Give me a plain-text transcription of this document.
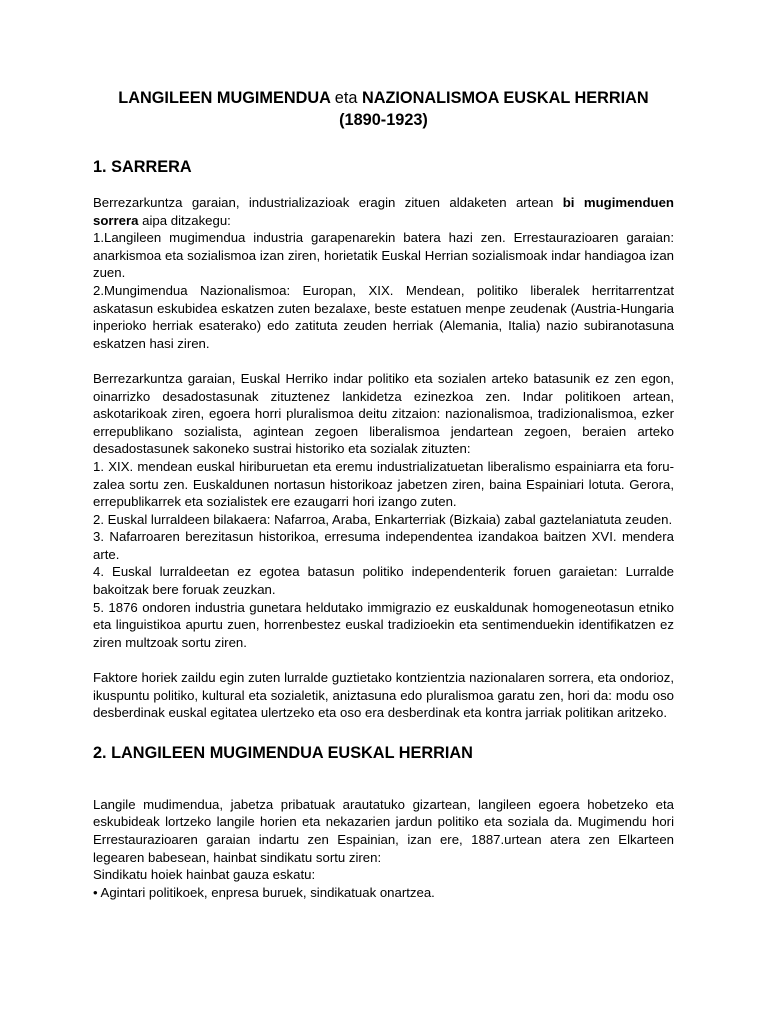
LANGILEEN MUGIMENDUA eta NAZIONALISMOA EUSKAL HERRIAN (1890-1923)
1. SARRERA

Berrezarkuntza garaian, industrializazioak eragin zituen aldaketen artean bi mugimenduen sorrera aipa ditzakegu:

1.Langileen mugimendua industria garapenarekin batera hazi zen. Errestaurazioaren garaian: anarkismoa eta sozialismoa izan ziren, horietatik Euskal Herrian sozialismoak indar handiagoa izan zuen.

2.Mungimendua Nazionalismoa: Europan, XIX. Mendean, politiko liberalek herritarrentzat askatasun eskubidea eskatzen zuten bezalaxe, beste estatuen menpe zeudenak (Austria-Hungaria inperioko herriak esaterako) edo zatituta zeuden herriak (Alemania, Italia) nazio subiranotasuna eskatzen hasi ziren.

Berrezarkuntza garaian, Euskal Herriko indar politiko eta sozialen arteko batasunik ez zen egon, oinarrizko desadostasunak zituztenez lankidetza ezinezkoa zen. Indar politikoen artean, askotarikoak ziren, egoera horri pluralismoa deitu zitzaion: nazionalismoa, tradizionalismoa, ezker errepublikano sozialista, agintean zegoen liberalismoa jendartean zegoen, beraien arteko desadostasunek sakoneko sustrai historiko eta sozialak zituzten:

1. XIX. mendean euskal hiriburuetan eta eremu industrializatuetan liberalismo espainiarra eta foru-zalea sortu zen. Euskaldunen nortasun historikoaz jabetzen ziren, baina Espainiari lotuta. Gerora, errepublikarrek eta sozialistek ere ezaugarri hori izango zuten.

2. Euskal lurraldeen bilakaera: Nafarroa, Araba, Enkarterriak (Bizkaia) zabal gaztelaniatuta zeuden.

3. Nafarroaren berezitasun historikoa, erresuma independentea izandakoa baitzen XVI. mendera arte.

4. Euskal lurraldeetan ez egotea batasun politiko independenterik foruen garaietan: Lurralde bakoitzak bere foruak zeuzkan.

5. 1876 ondoren industria gunetara heldutako immigrazio ez euskaldunak homogeneotasun etniko eta linguistikoa apurtu zuen, horrenbestez euskal tradizioekin eta sentimenduekin identifikatzen ez ziren multzoak sortu ziren.

Faktore horiek zaildu egin zuten lurralde guztietako kontzientzia nazionalaren sorrera, eta ondorioz, ikuspuntu politiko, kultural eta sozialetik, aniztasuna edo pluralismoa garatu zen, hori da: modu oso desberdinak euskal egitatea ulertzeko eta oso era desberdinak eta kontra jarriak politikan aritzeko.

2. LANGILEEN MUGIMENDUA EUSKAL HERRIAN

Langile mudimendua, jabetza pribatuak arautatuko gizartean, langileen egoera hobetzeko eta eskubideak lortzeko langile horien eta nekazarien jardun politiko eta soziala da. Mugimendu hori Errestaurazioaren garaian indartu zen Espainian, izan ere, 1887.urtean atera zen Elkarteen legearen babesean, hainbat sindikatu sortu ziren:

Sindikatu hoiek hainbat gauza eskatu:

• Agintari politikoek, enpresa buruek, sindikatuak onartzea.
